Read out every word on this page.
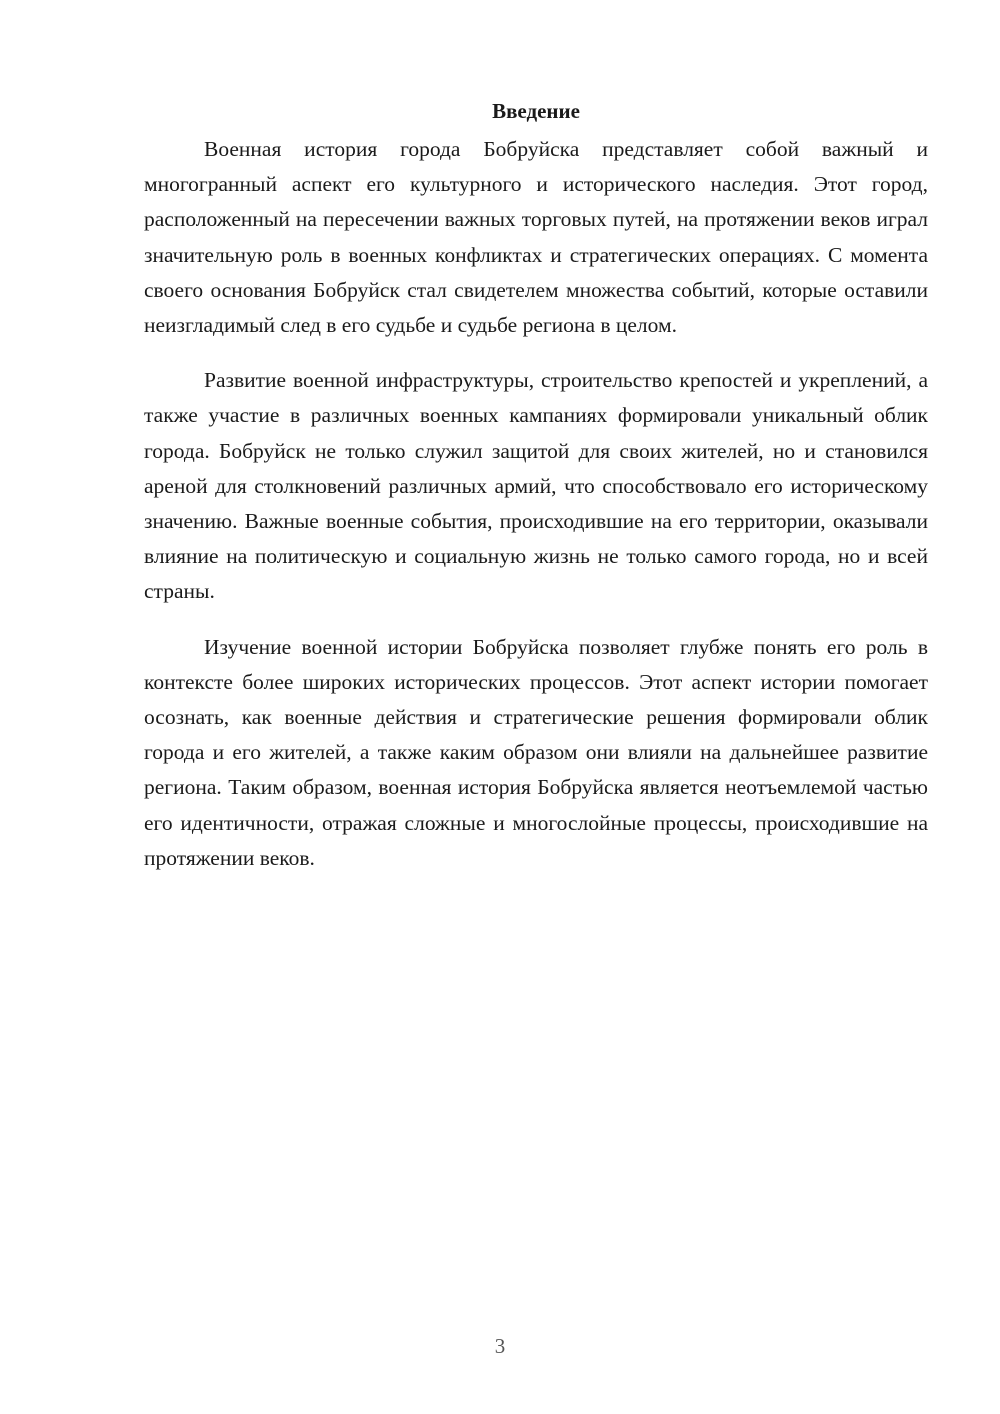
Введение

Военная история города Бобруйска представляет собой важный и многогранный аспект его культурного и исторического наследия. Этот город, расположенный на пересечении важных торговых путей, на протяжении веков играл значительную роль в военных конфликтах и стратегических операциях. С момента своего основания Бобруйск стал свидетелем множества событий, которые оставили неизгладимый след в его судьбе и судьбе региона в целом.

Развитие военной инфраструктуры, строительство крепостей и укреплений, а также участие в различных военных кампаниях формировали уникальный облик города. Бобруйск не только служил защитой для своих жителей, но и становился ареной для столкновений различных армий, что способствовало его историческому значению. Важные военные события, происходившие на его территории, оказывали влияние на политическую и социальную жизнь не только самого города, но и всей страны.

Изучение военной истории Бобруйска позволяет глубже понять его роль в контексте более широких исторических процессов. Этот аспект истории помогает осознать, как военные действия и стратегические решения формировали облик города и его жителей, а также каким образом они влияли на дальнейшее развитие региона. Таким образом, военная история Бобруйска является неотъемлемой частью его идентичности, отражая сложные и многослойные процессы, происходившие на протяжении веков.

3
